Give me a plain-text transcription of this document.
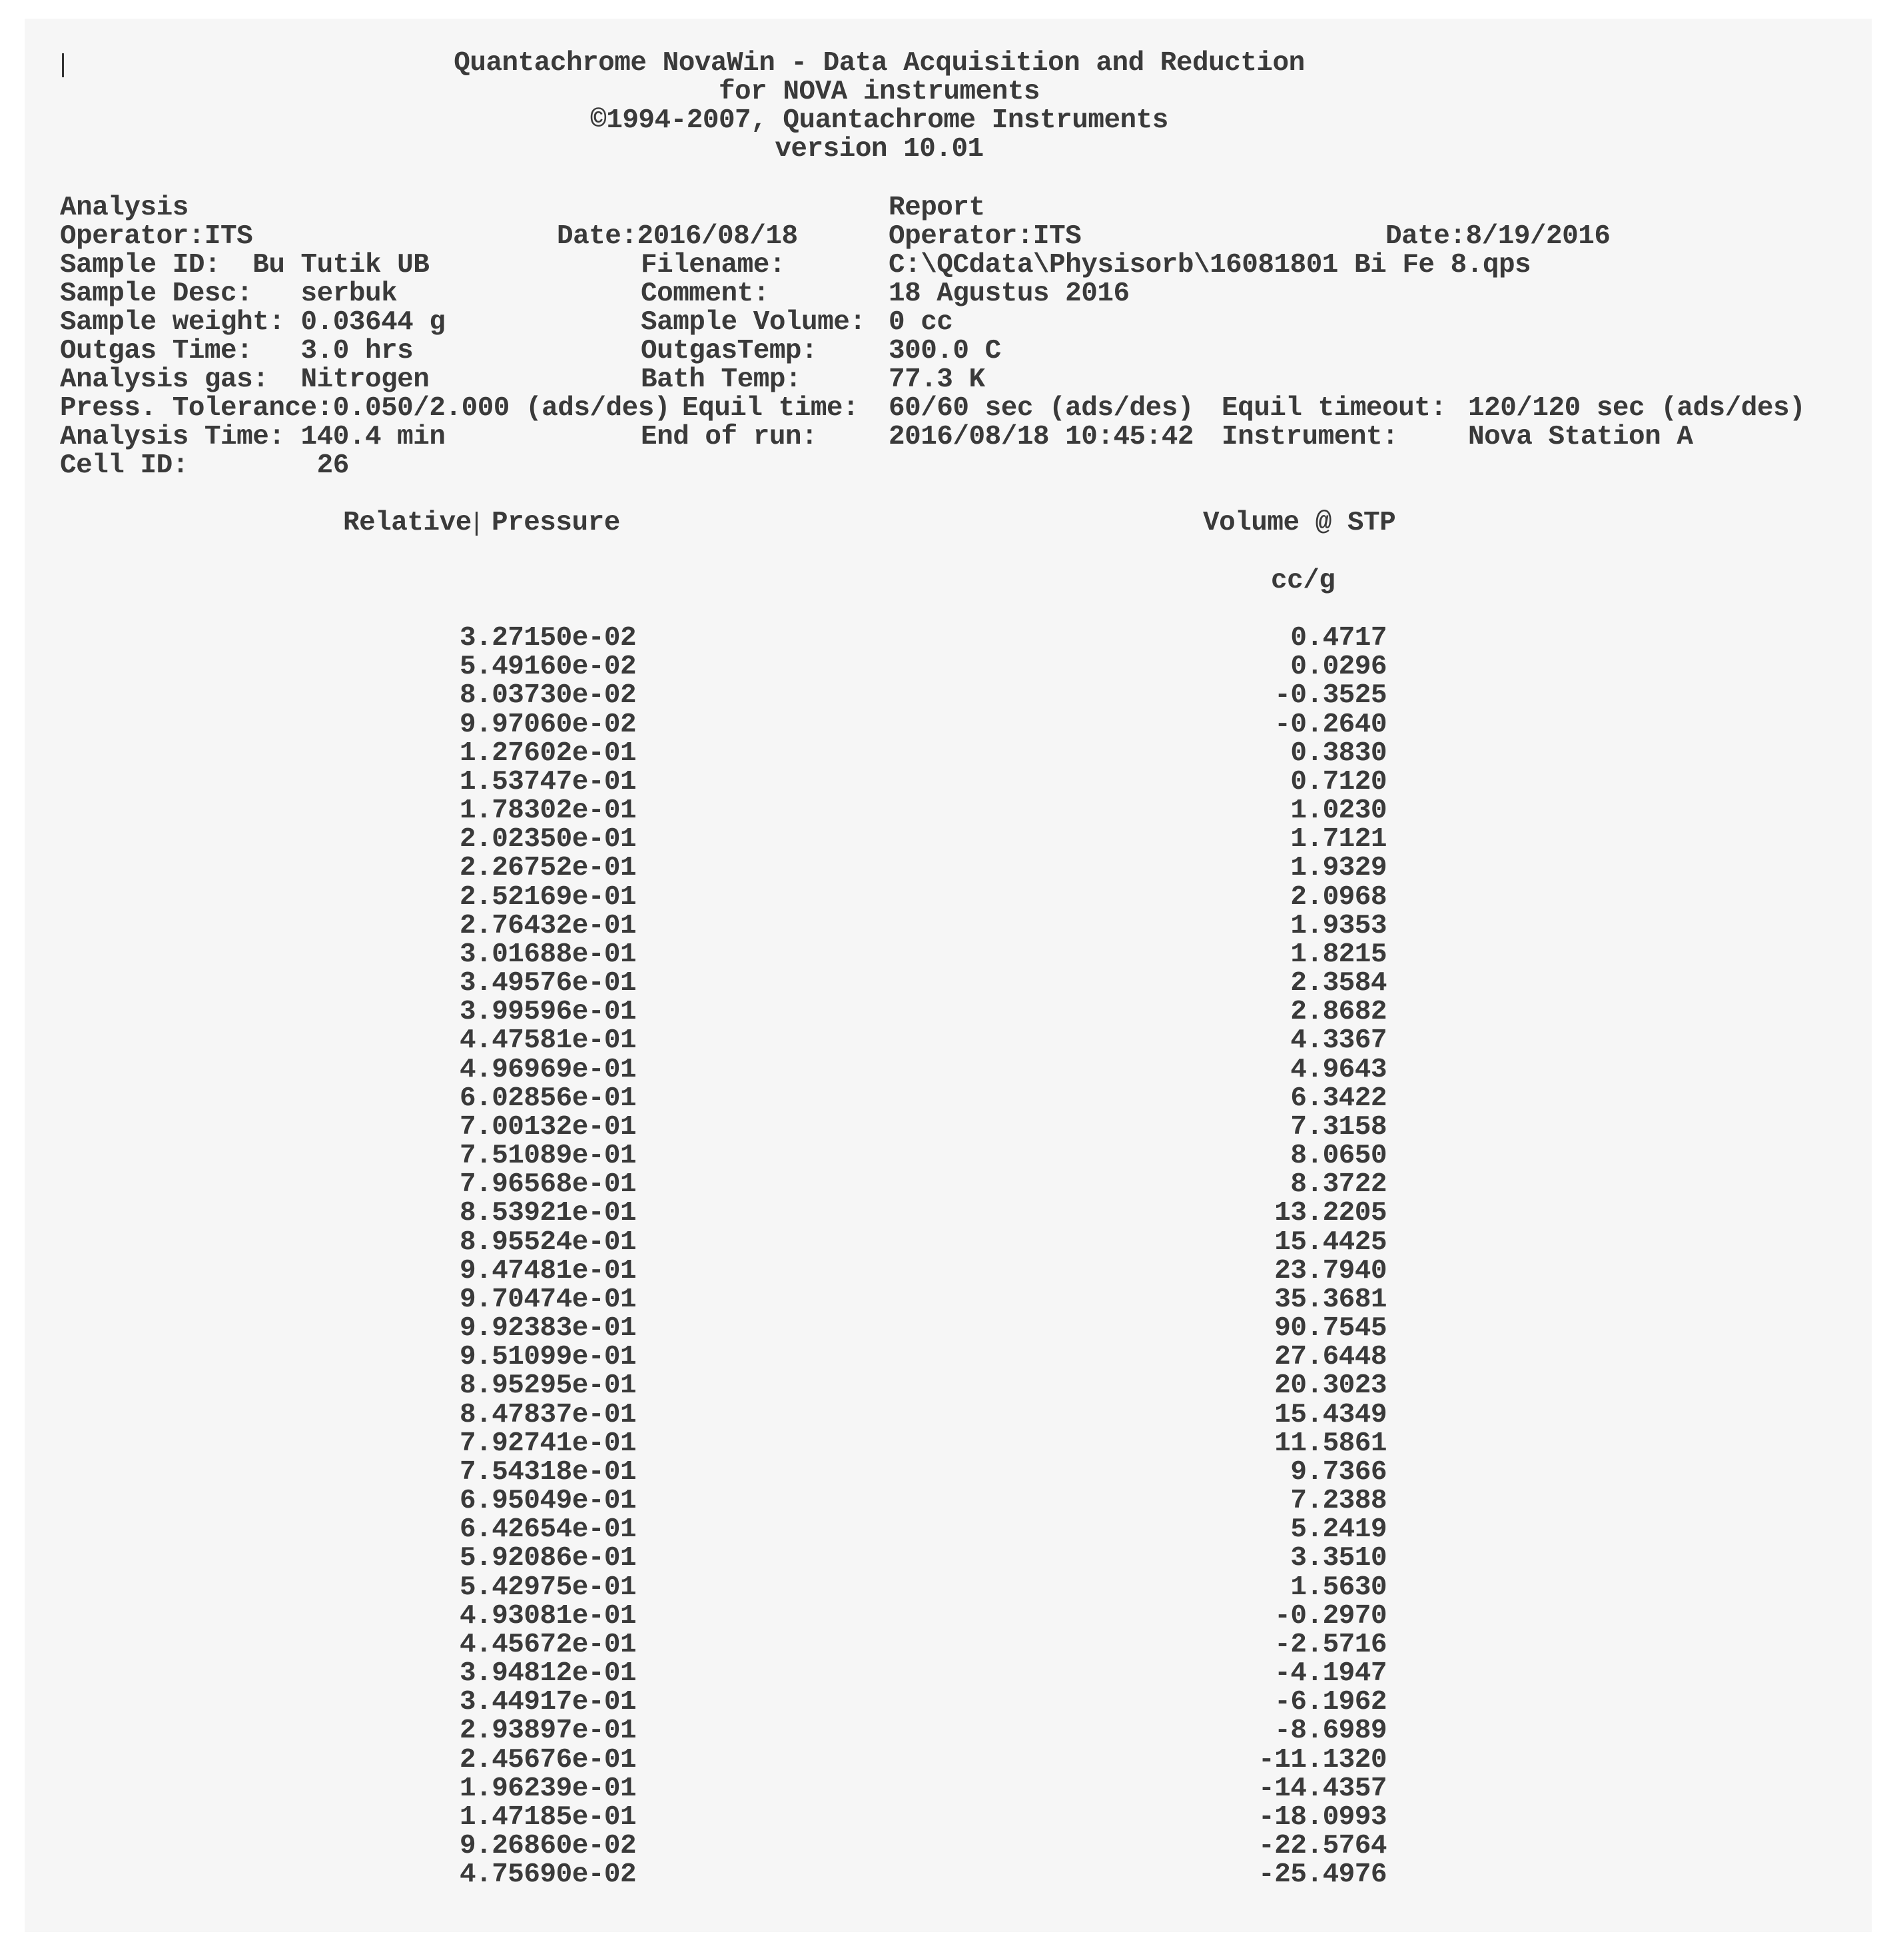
Quantachrome NovaWin - Data Acquisition and Reduction
for NOVA instruments
©1994-2007, Quantachrome Instruments
version 10.01
Analysis
Operator:ITS	Date:2016/08/18
Sample ID:  Bu Tutik UB
Sample Desc:   serbuk
Sample weight: 0.03644 g
Outgas Time:   3.0 hrs
Analysis gas:  Nitrogen
Press. Tolerance:0.050/2.000 (ads/des)
Analysis Time: 140.4 min
Cell ID:        26
Report
Operator:ITS	Date:8/19/2016
Filename:	C:\QCdata\Physisorb\16081801 Bi Fe 8.qps
Comment:	18 Agustus 2016
Sample Volume: 0 cc
OutgasTemp:	300.0 C
Bath Temp:	77.3 K
Equil time: 60/60 sec (ads/des) Equil timeout: 120/120 sec (ads/des)
End of run:	2016/08/18 10:45:42 Instrument:	Nova Station A
Relative Pressure	Volume @ STP
cc/g
3.27150e-02	0.4717
5.49160e-02	0.0296
8.03730e-02	-0.3525
9.97060e-02	-0.2640
1.27602e-01	0.3830
1.53747e-01	0.7120
1.78302e-01	1.0230
2.02350e-01	1.7121
2.26752e-01	1.9329
2.52169e-01	2.0968
2.76432e-01	1.9353
3.01688e-01	1.8215
3.49576e-01	2.3584
3.99596e-01	2.8682
4.47581e-01	4.3367
4.96969e-01	4.9643
6.02856e-01	6.3422
7.00132e-01	7.3158
7.51089e-01	8.0650
7.96568e-01	8.3722
8.53921e-01	13.2205
8.95524e-01	15.4425
9.47481e-01	23.7940
9.70474e-01	35.3681
9.92383e-01	90.7545
9.51099e-01	27.6448
8.95295e-01	20.3023
8.47837e-01	15.4349
7.92741e-01	11.5861
7.54318e-01	9.7366
6.95049e-01	7.2388
6.42654e-01	5.2419
5.92086e-01	3.3510
5.42975e-01	1.5630
4.93081e-01	-0.2970
4.45672e-01	-2.5716
3.94812e-01	-4.1947
3.44917e-01	-6.1962
2.93897e-01	-8.6989
2.45676e-01	-11.1320
1.96239e-01	-14.4357
1.47185e-01	-18.0993
9.26860e-02	-22.5764
4.75690e-02	-25.4976
